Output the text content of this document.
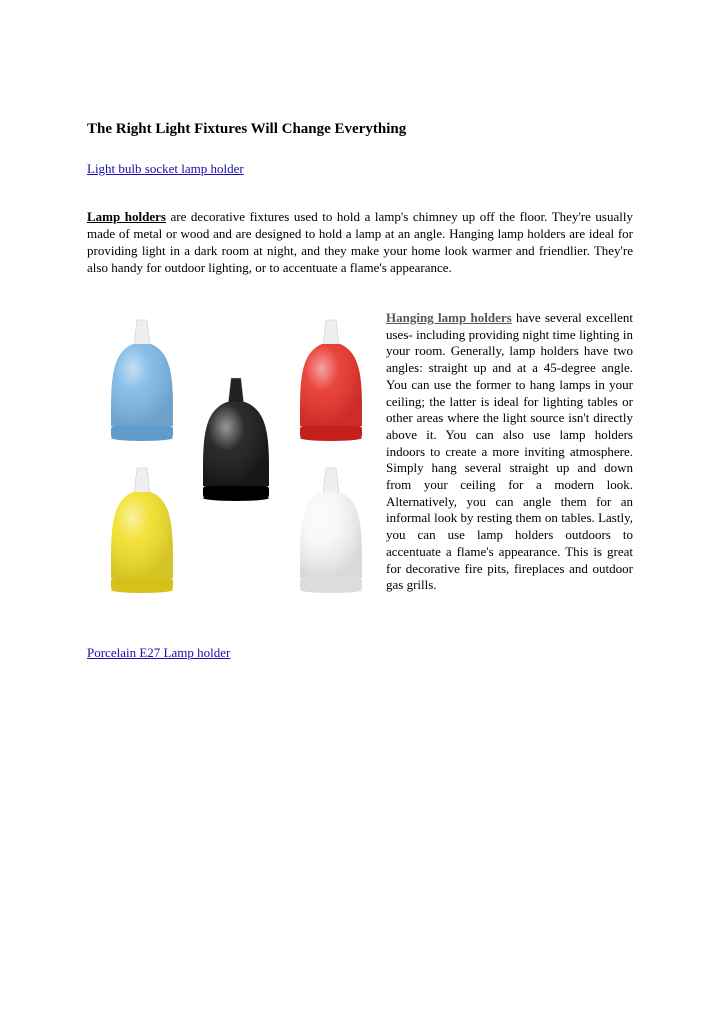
The Right Light Fixtures Will Change Everything
Light bulb socket lamp holder

Lamp holders are decorative fixtures used to hold a lamp's chimney up off the floor. They're usually made of metal or wood and are designed to hold a lamp at an angle. Hanging lamp holders are ideal for providing light in a dark room at night, and they make your home look warmer and friendlier. They're also handy for outdoor lighting, or to accentuate a flame's appearance.

Hanging lamp holders have several excellent uses- including providing night time lighting in your room. Generally, lamp holders have two angles: straight up and at a 45-degree angle. You can use the former to hang lamps in your ceiling; the latter is ideal for lighting tables or other areas where the light source isn't directly above it. You can also use lamp holders indoors to create a more inviting atmosphere. Simply hang several straight up and down from your ceiling for a modern look. Alternatively, you can angle them for an informal look by resting them on tables. Lastly, you can use lamp holders outdoors to accentuate a flame's appearance. This is great for decorative fire pits, fireplaces and outdoor gas grills.

Porcelain E27 Lamp holder
